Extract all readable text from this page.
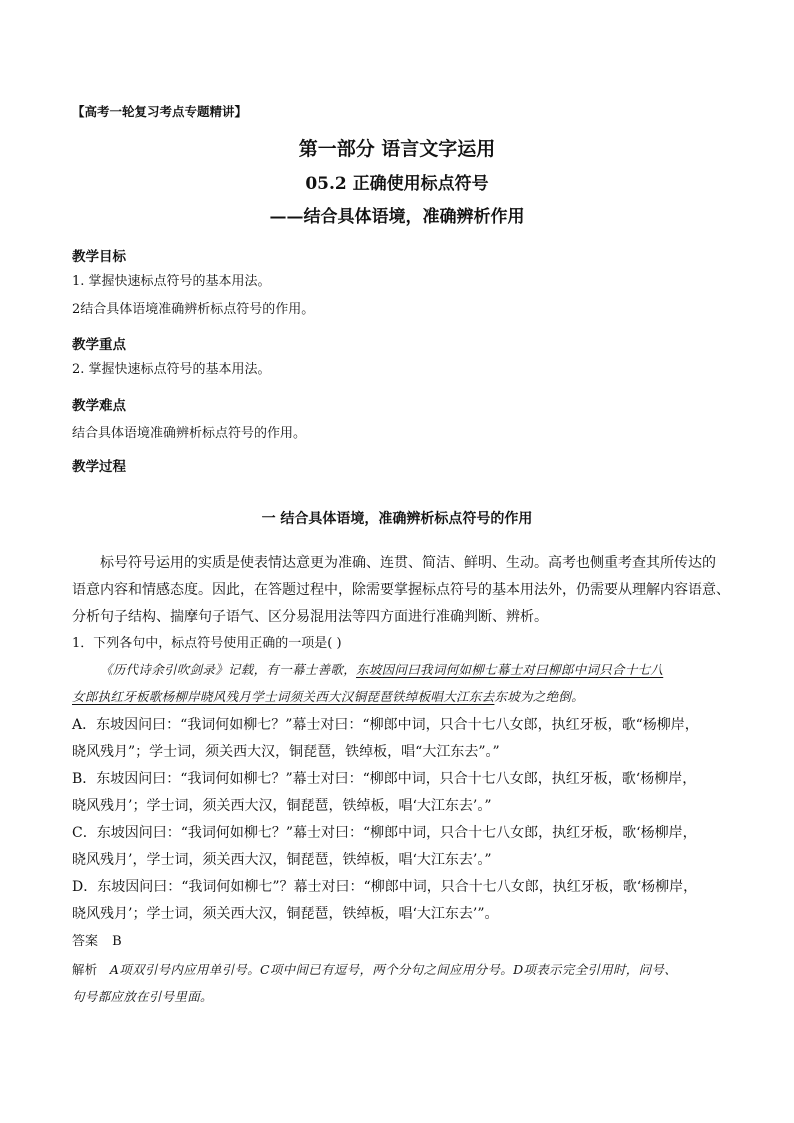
【高考一轮复习考点专题精讲】
第一部分 语言文字运用
05.2 正确使用标点符号
——结合具体语境，准确辨析作用
教学目标
1. 掌握快速标点符号的基本用法。
2结合具体语境准确辨析标点符号的作用。
教学重点
2. 掌握快速标点符号的基本用法。
教学难点
结合具体语境准确辨析标点符号的作用。
教学过程
一 结合具体语境，准确辨析标点符号的作用
标号符号运用的实质是使表情达意更为准确、连贯、简洁、鲜明、生动。高考也侧重考查其所传达的
语意内容和情感态度。因此，在答题过程中，除需要掌握标点符号的基本用法外，仍需要从理解内容语意、
分析句子结构、揣摩句子语气、区分易混用法等四方面进行准确判断、辨析。
1．下列各句中，标点符号使用正确的一项是( )
《历代诗余引吹剑录》记载，有一幕士善歌，东坡因问曰我词何如柳七幕士对曰柳郎中词只合十七八
女郎执红牙板歌杨柳岸晓风残月学士词须关西大汉铜琵琶铁绰板唱大江东去东坡为之绝倒。
A．东坡因问曰：“我词何如柳七？”幕士对曰：“柳郎中词，只合十七八女郎，执红牙板，歌“杨柳岸，
晓风残月”；学士词，须关西大汉，铜琵琶，铁绰板，唱“大江东去”。”
B．东坡因问曰：“我词何如柳七？”幕士对曰：“柳郎中词，只合十七八女郎，执红牙板，歌‘杨柳岸，
晓风残月’；学士词，须关西大汉，铜琵琶，铁绰板，唱‘大江东去’。”
C．东坡因问曰：“我词何如柳七？”幕士对曰：“柳郎中词，只合十七八女郎，执红牙板，歌‘杨柳岸，
晓风残月’，学士词，须关西大汉，铜琵琶，铁绰板，唱‘大江东去’。”
D．东坡因问曰：“我词何如柳七”？幕士对曰：“柳郎中词，只合十七八女郎，执红牙板，歌‘杨柳岸，
晓风残月’；学士词，须关西大汉，铜琵琶，铁绰板，唱‘大江东去’”。
答案 B
解析 A项双引号内应用单引号。C项中间已有逗号，两个分句之间应用分号。D项表示完全引用时，问号、
句号都应放在引号里面。
